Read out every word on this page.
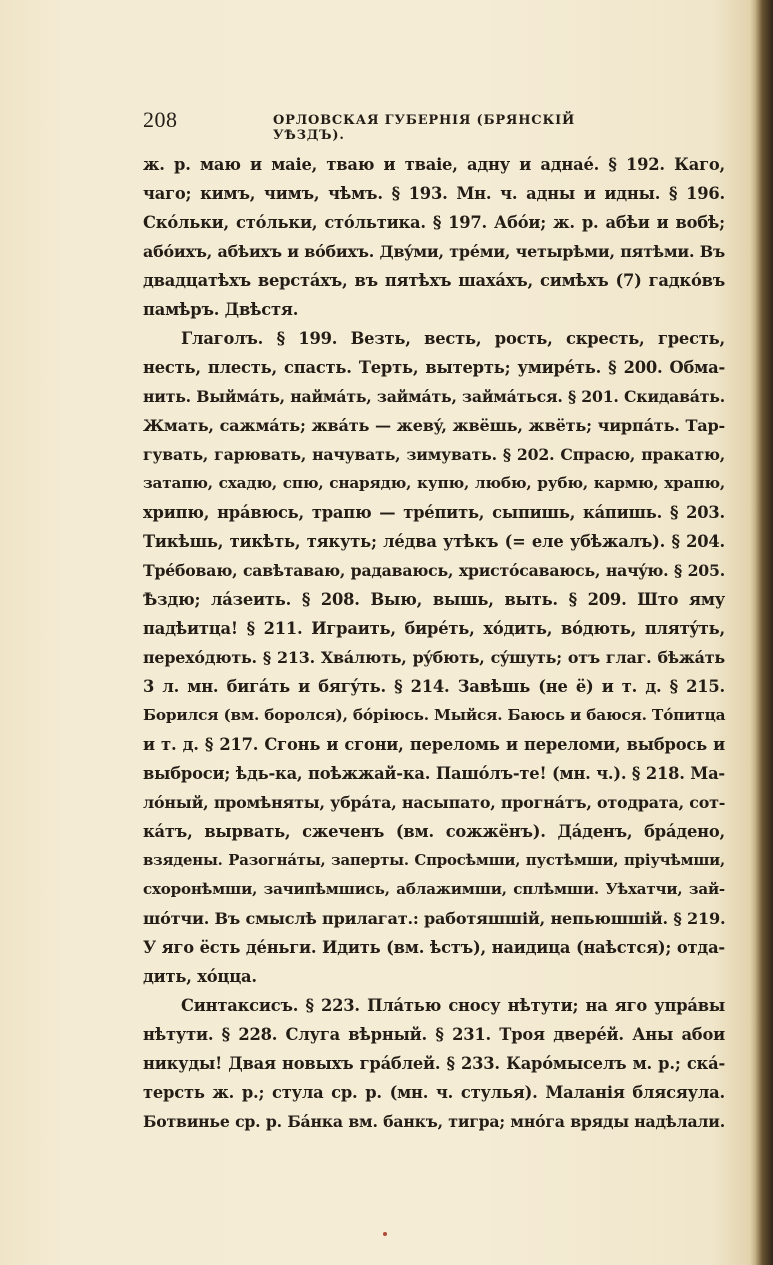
208	ОРЛОВСКАЯ ГУБЕРНІЯ (БРЯНСКІЙ УѢЗДЪ).
ж. р. маю и маіе, тваю и тваіе, адну и аднаé. § 192. Каго,
чаго; кимъ, чимъ, чѣмъ. § 193. Мн. ч. адны и идны. § 196.
Скóльки, стóльки, стóльтика. § 197. Абóи; ж. р. абѣи и вобѣ;
абóихъ, абѣихъ и вóбихъ. Двýми, трéми, четырѣми, пятѣми. Въ
двадцатѣхъ верстáхъ, въ пятѣхъ шахáхъ, симѣхъ (7) гадкóвъ
памѣръ. Двѣстя.
Глаголъ. § 199. Везть, весть, рость, скресть, гресть,
несть, плесть, спасть. Терть, вытерть; умирéть. § 200. Обма-
нить. Выймáть, наймáть, займáть, займáться. § 201. Скидавáть.
Жмать, сажмáть; жвáть — жевý, жвёшь, жвёть; чирпáть. Тар-
гувать, гарювать, начувать, зимувать. § 202. Спрасю, пракатю,
затапю, схадю, спю, снарядю, купю, любю, рубю, кармю, храпю,
хрипю, нрáвюсь, трапю — трéпить, сыпишь, кáпишь. § 203.
Тикѣшь, тикѣть, тякуть; лéдва утѣкъ (= еле убѣжалъ). § 204.
Трéбоваю, савѣтаваю, радаваюсь, христóсаваюсь, начýю. § 205.
Ѣздю; лáзеить. § 208. Выю, вышь, выть. § 209. Што яму
падѣитца! § 211. Играить, бирéть, хóдить, вóдють, плятýть,
перехóдють. § 213. Хвáлють, рýбють, сýшуть; отъ глаг. бѣжáть
3 л. мн. бигáть и бягýть. § 214. Завѣшь (не ё) и т. д. § 215.
Борился (вм. боролся), бóріюсь. Мыйся. Баюсь и баюся. Тóпитца
и т. д. § 217. Сгонь и сгони, переломь и переломи, выбрось и
выброси; ѣдь-ка, поѣжжай-ка. Пашóлъ-те! (мн. ч.). § 218. Ма-
лóный, промѣняты, убрáта, насыпато, прогнáтъ, отодрата, сот-
кáтъ, вырвать, сжеченъ (вм. сожжёнъ). Дáденъ, брáдено,
взядены. Разогнáты, заперты. Спросѣмши, пустѣмши, пріучѣмши,
схоронѣмши, зачипѣмшись, аблажимши, сплѣмши. Уѣхатчи, зай-
шóтчи. Въ смыслѣ прилагат.: работяшшій, непьюшшій. § 219.
У яго ёсть дéньги. Идить (вм. ѣстъ), наидица (наѣстся); отда-
дить, хóцца.
Синтаксисъ. § 223. Плáтью сносу нѣтути; на яго упрáвы
нѣтути. § 228. Слуга вѣрный. § 231. Троя дверéй. Аны абои
никуды! Двая новыхъ грáблей. § 233. Карóмыселъ м. р.; скá-
терсть ж. р.; стула ср. р. (мн. ч. стулья). Маланія блясяула.
Ботвинье ср. р. Бáнка вм. банкъ, тигра; мнóга вряды надѣлали.
